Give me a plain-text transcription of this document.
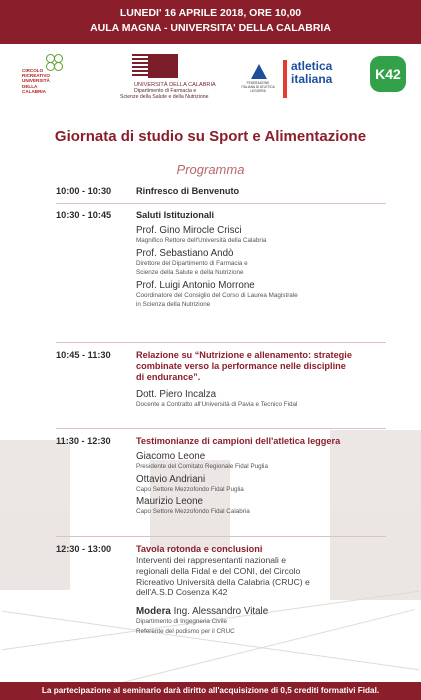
LUNEDI' 16 APRILE 2018, ORE 10,00
AULA MAGNA - UNIVERSITA' DELLA CALABRIA
CIRCOLO RICREATIVO UNIVERSITÀ DELLA CALABRIA
UNIVERSITÀ DELLA CALABRIA
Dipartimento di Farmacia e
Scienze della Salute e della Nutrizione
FEDERAZIONE ITALIANA DI ATLETICA LEGGERA
atletica
italiana	K42
Giornata di studio su Sport e Alimentazione
Programma
10:00 - 10:30	Rinfresco di Benvenuto
10:30 - 10:45	Saluti Istituzionali
Prof. Gino Mirocle Crisci
Magnifico Rettore dell'Università della Calabria
Prof. Sebastiano Andò
Direttore del Dipartimento di Farmacia e
Scienze della Salute e della Nutrizione
Prof. Luigi Antonio Morrone
Coordinatore del Consiglio del Corso di Laurea Magistrale
in Scienza della Nutrizione
10:45 - 11:30	Relazione su “Nutrizione e allenamento: strategie
combinate verso la performance nelle discipline
di endurance”.
Dott. Piero Incalza
Docente a Contratto all'Università di Pavia e Tecnico Fidal
11:30 - 12:30	Testimonianze di campioni dell'atletica leggera
Giacomo Leone
Presidente del Comitato Regionale Fidal Puglia
Ottavio Andriani
Capo Settore Mezzofondo Fidal Puglia
Maurizio Leone
Capo Settore Mezzofondo Fidal Calabria
12:30 - 13:00	Tavola rotonda e conclusioni
Interventi dei rappresentanti nazionali e
regionali della Fidal e del CONI, del Circolo
Ricreativo Università della Calabria (CRUC) e
dell'A.S.D Cosenza K42
Modera Ing. Alessandro Vitale
Dipartimento di Ingegneria Civile
Referente del podismo per il CRUC
La partecipazione al seminario darà diritto all'acquisizione di 0,5 crediti formativi Fidal.
